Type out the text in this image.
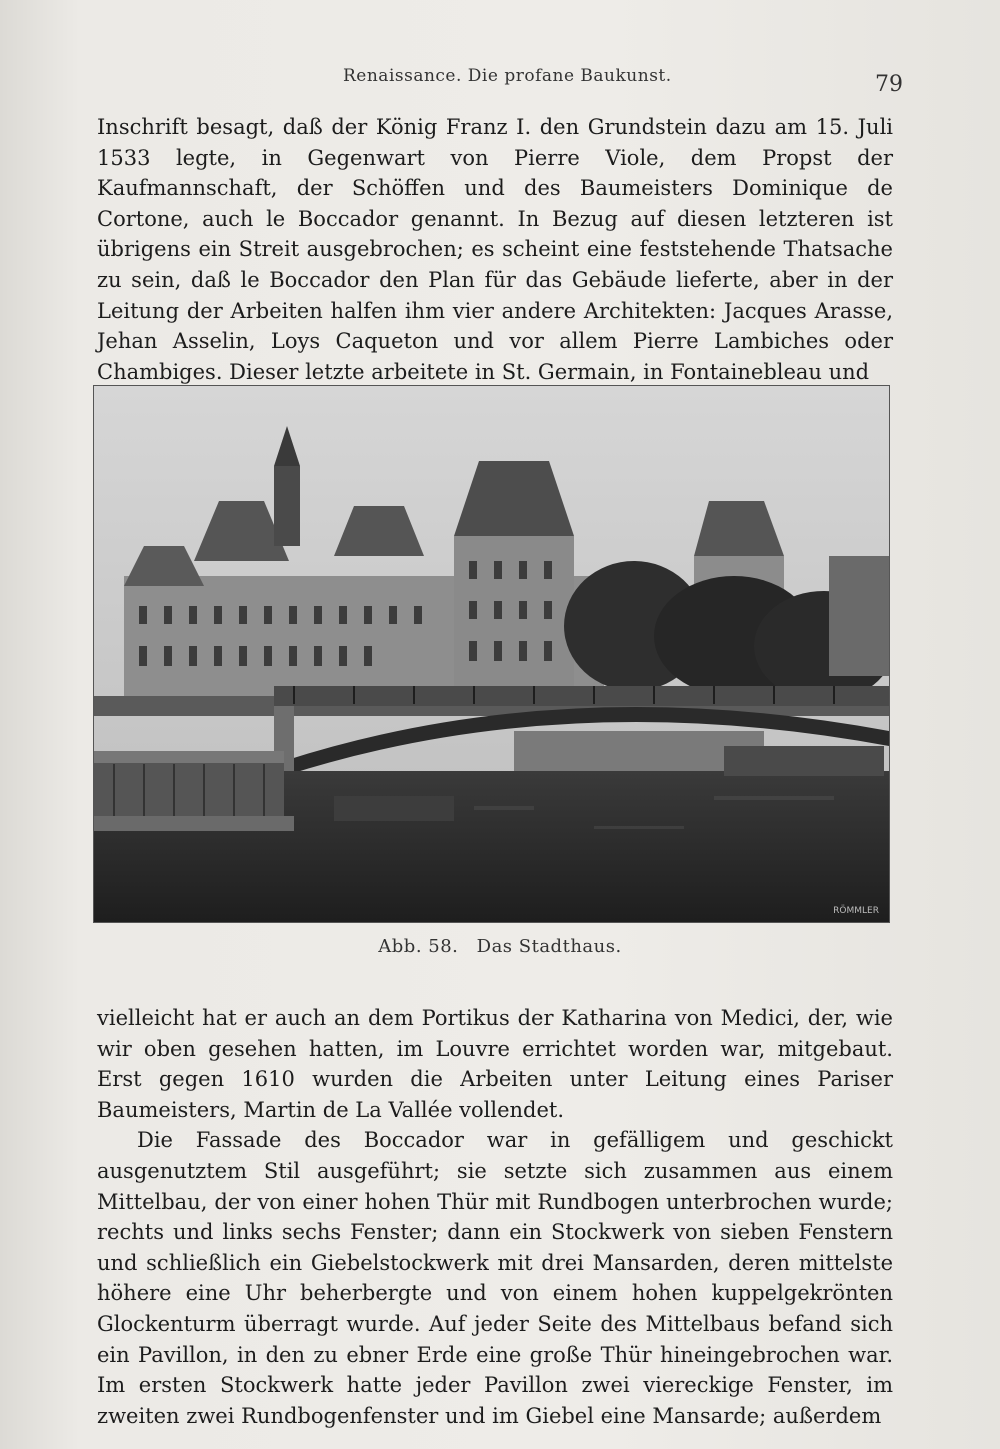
Renaissance. Die profane Baukunst.	79

Inschrift besagt, daß der König Franz I. den Grundstein dazu am 15. Juli 1533 legte, in Gegenwart von Pierre Viole, dem Propst der Kaufmannschaft, der Schöffen und des Baumeisters Dominique de Cortone, auch le Boccador genannt. In Bezug auf diesen letzteren ist übrigens ein Streit ausgebrochen; es scheint eine feststehende Thatsache zu sein, daß le Boccador den Plan für das Gebäude lieferte, aber in der Leitung der Arbeiten halfen ihm vier andere Architekten: Jacques Arasse, Jehan Asselin, Loys Caqueton und vor allem Pierre Lambiches oder Chambiges. Dieser letzte arbeitete in St. Germain, in Fontainebleau und

RÖMMLER
Abb. 58. Das Stadthaus.

vielleicht hat er auch an dem Portikus der Katharina von Medici, der, wie wir oben gesehen hatten, im Louvre errichtet worden war, mitgebaut. Erst gegen 1610 wurden die Arbeiten unter Leitung eines Pariser Baumeisters, Martin de La Vallée vollendet.

Die Fassade des Boccador war in gefälligem und geschickt ausgenutztem Stil ausgeführt; sie setzte sich zusammen aus einem Mittelbau, der von einer hohen Thür mit Rundbogen unterbrochen wurde; rechts und links sechs Fenster; dann ein Stockwerk von sieben Fenstern und schließlich ein Giebelstockwerk mit drei Mansarden, deren mittelste höhere eine Uhr beherbergte und von einem hohen kuppelgekrönten Glockenturm überragt wurde. Auf jeder Seite des Mittelbaus befand sich ein Pavillon, in den zu ebner Erde eine große Thür hineingebrochen war. Im ersten Stockwerk hatte jeder Pavillon zwei viereckige Fenster, im zweiten zwei Rundbogenfenster und im Giebel eine Mansarde; außerdem
